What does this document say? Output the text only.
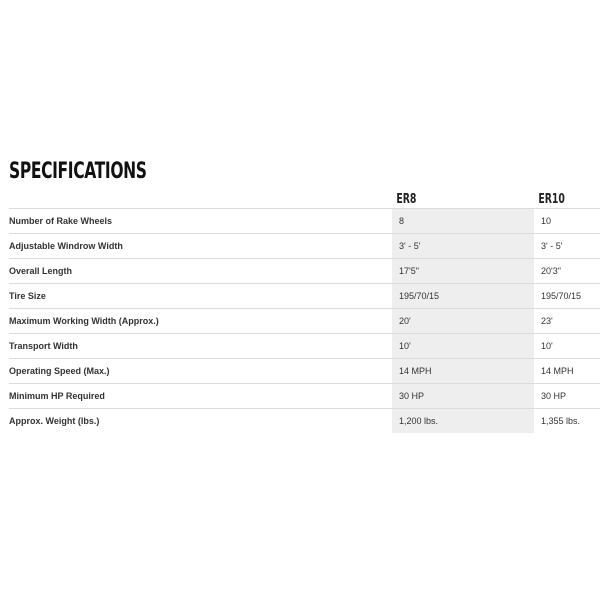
SPECIFICATIONS
	ER8	ER10
Number of Rake Wheels	8	10
Adjustable Windrow Width	3' - 5'	3' - 5'
Overall Length	17'5"	20'3"
Tire Size	195/70/15	195/70/15
Maximum Working Width (Approx.)	20'	23'
Transport Width	10'	10'
Operating Speed (Max.)	14 MPH	14 MPH
Minimum HP Required	30 HP	30 HP
Approx. Weight (lbs.)	1,200 lbs.	1,355 lbs.
